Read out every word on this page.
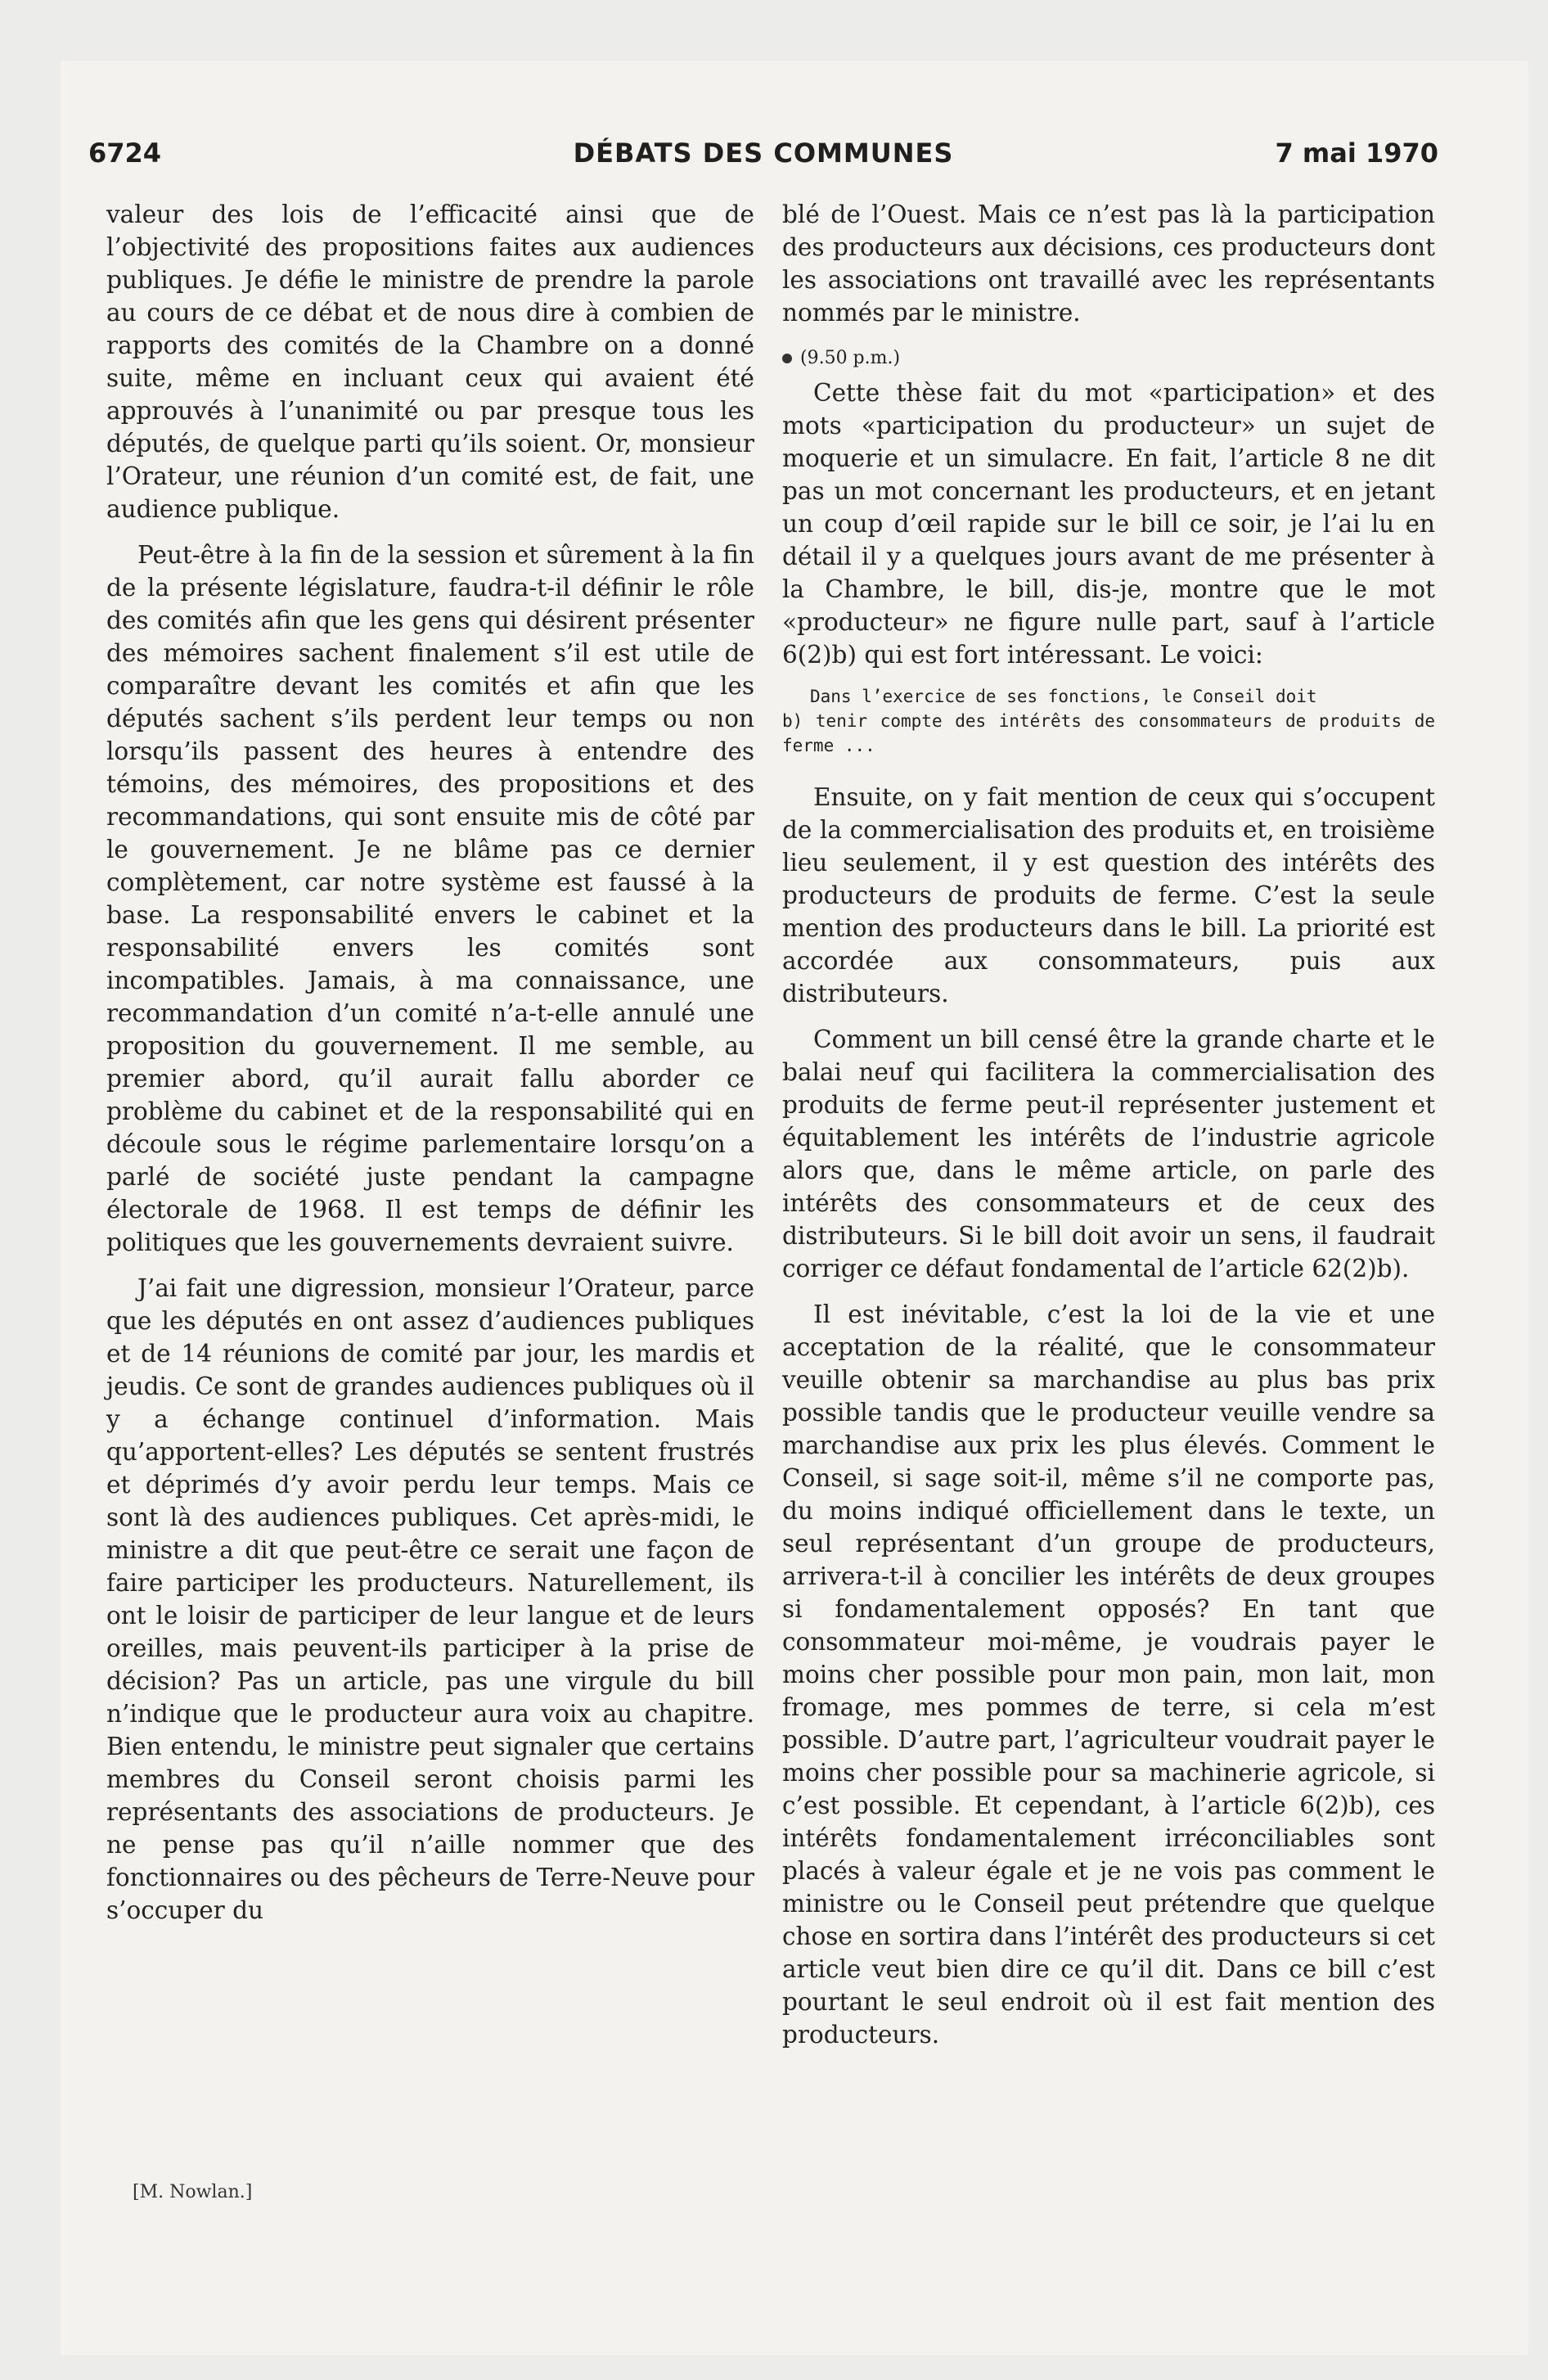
6724	DÉBATS DES COMMUNES	7 mai 1970

valeur des lois de l’efficacité ainsi que de l’objectivité des propositions faites aux audiences publiques. Je défie le ministre de prendre la parole au cours de ce débat et de nous dire à combien de rapports des comités de la Chambre on a donné suite, même en incluant ceux qui avaient été approuvés à l’unanimité ou par presque tous les députés, de quelque parti qu’ils soient. Or, monsieur l’Orateur, une réunion d’un comité est, de fait, une audience publique.

Peut-être à la fin de la session et sûrement à la fin de la présente législature, faudra-t-il définir le rôle des comités afin que les gens qui désirent présenter des mémoires sachent finalement s’il est utile de comparaître devant les comités et afin que les députés sachent s’ils perdent leur temps ou non lorsqu’ils passent des heures à entendre des témoins, des mémoires, des propositions et des recommandations, qui sont ensuite mis de côté par le gouvernement. Je ne blâme pas ce dernier complètement, car notre système est faussé à la base. La responsabilité envers le cabinet et la responsabilité envers les comités sont incompatibles. Jamais, à ma connaissance, une recommandation d’un comité n’a-t-elle annulé une proposition du gouvernement. Il me semble, au premier abord, qu’il aurait fallu aborder ce problème du cabinet et de la responsabilité qui en découle sous le régime parlementaire lorsqu’on a parlé de société juste pendant la campagne électorale de 1968. Il est temps de définir les politiques que les gouvernements devraient suivre.

J’ai fait une digression, monsieur l’Orateur, parce que les députés en ont assez d’audiences publiques et de 14 réunions de comité par jour, les mardis et jeudis. Ce sont de grandes audiences publiques où il y a échange continuel d’information. Mais qu’apportent-elles? Les députés se sentent frustrés et déprimés d’y avoir perdu leur temps. Mais ce sont là des audiences publiques. Cet après-midi, le ministre a dit que peut-être ce serait une façon de faire participer les producteurs. Naturellement, ils ont le loisir de participer de leur langue et de leurs oreilles, mais peuvent-ils participer à la prise de décision? Pas un article, pas une virgule du bill n’indique que le producteur aura voix au chapitre. Bien entendu, le ministre peut signaler que certains membres du Conseil seront choisis parmi les représentants des associations de producteurs. Je ne pense pas qu’il n’aille nommer que des fonctionnaires ou des pêcheurs de Terre-Neuve pour s’occuper du

[M. Nowlan.]

blé de l’Ouest. Mais ce n’est pas là la participation des producteurs aux décisions, ces producteurs dont les associations ont travaillé avec les représentants nommés par le ministre.

(9.50 p.m.)

Cette thèse fait du mot «participation» et des mots «participation du producteur» un sujet de moquerie et un simulacre. En fait, l’article 8 ne dit pas un mot concernant les producteurs, et en jetant un coup d’œil rapide sur le bill ce soir, je l’ai lu en détail il y a quelques jours avant de me présenter à la Chambre, le bill, dis-je, montre que le mot «producteur» ne figure nulle part, sauf à l’article 6(2)b) qui est fort intéressant. Le voici:

Dans l’exercice de ses fonctions, le Conseil doit
b) tenir compte des intérêts des consommateurs de produits de ferme ...

Ensuite, on y fait mention de ceux qui s’occupent de la commercialisation des produits et, en troisième lieu seulement, il y est question des intérêts des producteurs de produits de ferme. C’est la seule mention des producteurs dans le bill. La priorité est accordée aux consommateurs, puis aux distributeurs.

Comment un bill censé être la grande charte et le balai neuf qui facilitera la commercialisation des produits de ferme peut-il représenter justement et équitablement les intérêts de l’industrie agricole alors que, dans le même article, on parle des intérêts des consommateurs et de ceux des distributeurs. Si le bill doit avoir un sens, il faudrait corriger ce défaut fondamental de l’article 62(2)b).

Il est inévitable, c’est la loi de la vie et une acceptation de la réalité, que le consommateur veuille obtenir sa marchandise au plus bas prix possible tandis que le producteur veuille vendre sa marchandise aux prix les plus élevés. Comment le Conseil, si sage soit-il, même s’il ne comporte pas, du moins indiqué officiellement dans le texte, un seul représentant d’un groupe de producteurs, arrivera-t-il à concilier les intérêts de deux groupes si fondamentalement opposés? En tant que consommateur moi-même, je voudrais payer le moins cher possible pour mon pain, mon lait, mon fromage, mes pommes de terre, si cela m’est possible. D’autre part, l’agriculteur voudrait payer le moins cher possible pour sa machinerie agricole, si c’est possible. Et cependant, à l’article 6(2)b), ces intérêts fondamentalement irréconciliables sont placés à valeur égale et je ne vois pas comment le ministre ou le Conseil peut prétendre que quelque chose en sortira dans l’intérêt des producteurs si cet article veut bien dire ce qu’il dit. Dans ce bill c’est pourtant le seul endroit où il est fait mention des producteurs.
